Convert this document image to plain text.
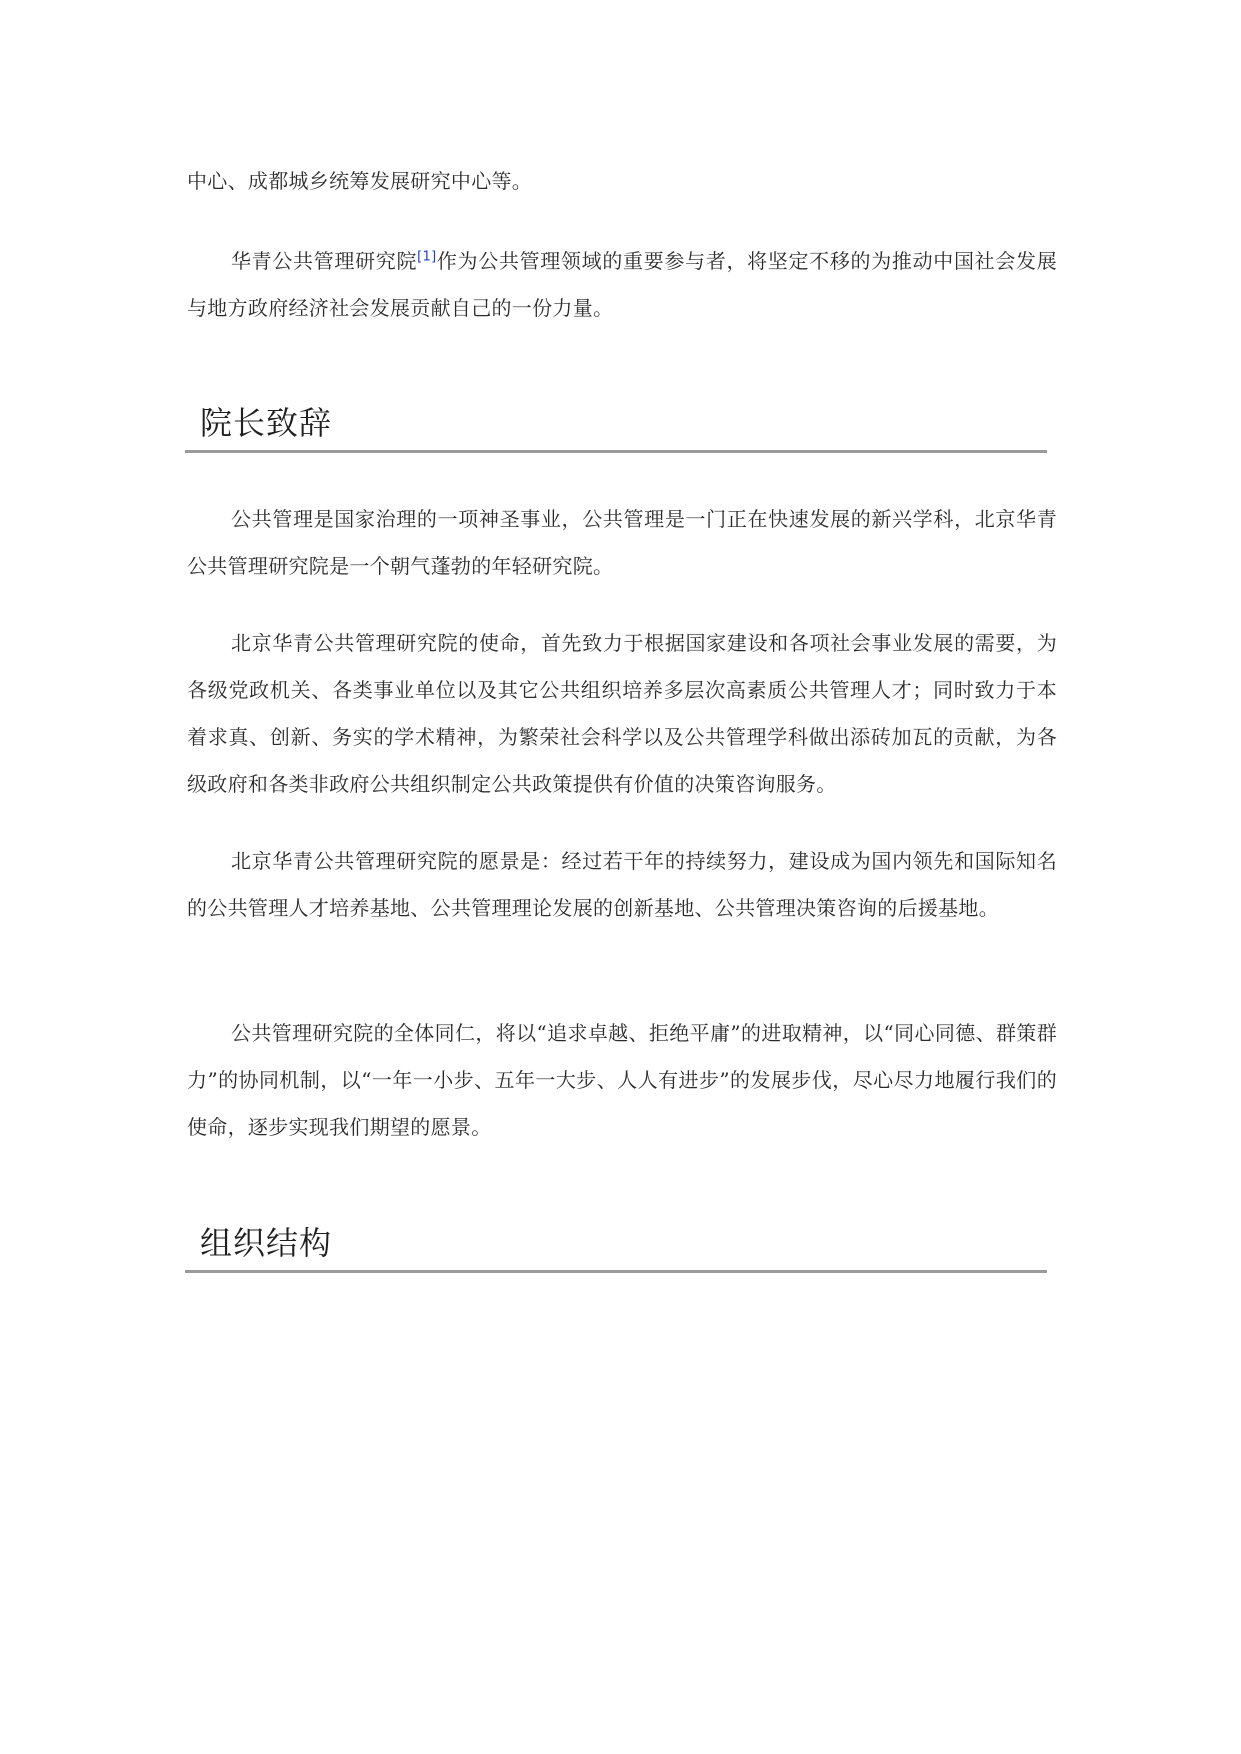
中心、成都城乡统筹发展研究中心等。

华青公共管理研究院[1]作为公共管理领域的重要参与者，将坚定不移的为推动中国社会发展与地方政府经济社会发展贡献自己的一份力量。

院长致辞

公共管理是国家治理的一项神圣事业，公共管理是一门正在快速发展的新兴学科，北京华青公共管理研究院是一个朝气蓬勃的年轻研究院。

北京华青公共管理研究院的使命，首先致力于根据国家建设和各项社会事业发展的需要，为各级党政机关、各类事业单位以及其它公共组织培养多层次高素质公共管理人才；同时致力于本着求真、创新、务实的学术精神，为繁荣社会科学以及公共管理学科做出添砖加瓦的贡献，为各级政府和各类非政府公共组织制定公共政策提供有价值的决策咨询服务。

北京华青公共管理研究院的愿景是：经过若干年的持续努力，建设成为国内领先和国际知名的公共管理人才培养基地、公共管理理论发展的创新基地、公共管理决策咨询的后援基地。

公共管理研究院的全体同仁，将以“追求卓越、拒绝平庸”的进取精神，以“同心同德、群策群力”的协同机制，以“一年一小步、五年一大步、人人有进步”的发展步伐，尽心尽力地履行我们的使命，逐步实现我们期望的愿景。

组织结构
